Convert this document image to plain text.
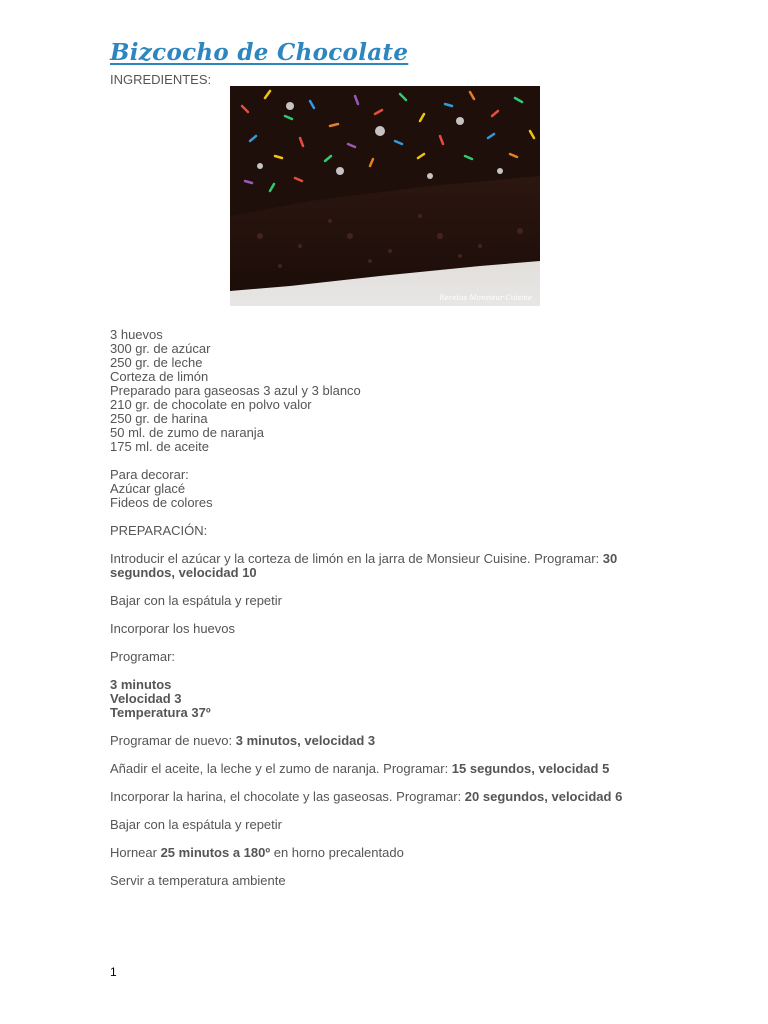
Bizcocho de Chocolate

INGREDIENTES:

Recetas Monsieur Cuisine

3 huevos

300 gr. de azúcar

250 gr. de leche

Corteza de limón

Preparado para gaseosas 3 azul y 3 blanco

210 gr. de chocolate en polvo valor

250 gr. de harina

50 ml. de zumo de naranja

175 ml. de aceite

Para decorar:

Azúcar glacé

Fideos de colores

PREPARACIÓN:

Introducir el azúcar y la corteza de limón en la jarra de Monsieur Cuisine. Programar: 30

segundos, velocidad 10

Bajar con la espátula y repetir

Incorporar los huevos

Programar:

3 minutos

Velocidad 3

Temperatura 37º

Programar de nuevo: 3 minutos, velocidad 3

Añadir el aceite, la leche y el zumo de naranja. Programar: 15 segundos, velocidad 5

Incorporar la harina, el chocolate y las gaseosas. Programar: 20 segundos, velocidad 6

Bajar con la espátula y repetir

Hornear 25 minutos a 180º en horno precalentado

Servir a temperatura ambiente

1
